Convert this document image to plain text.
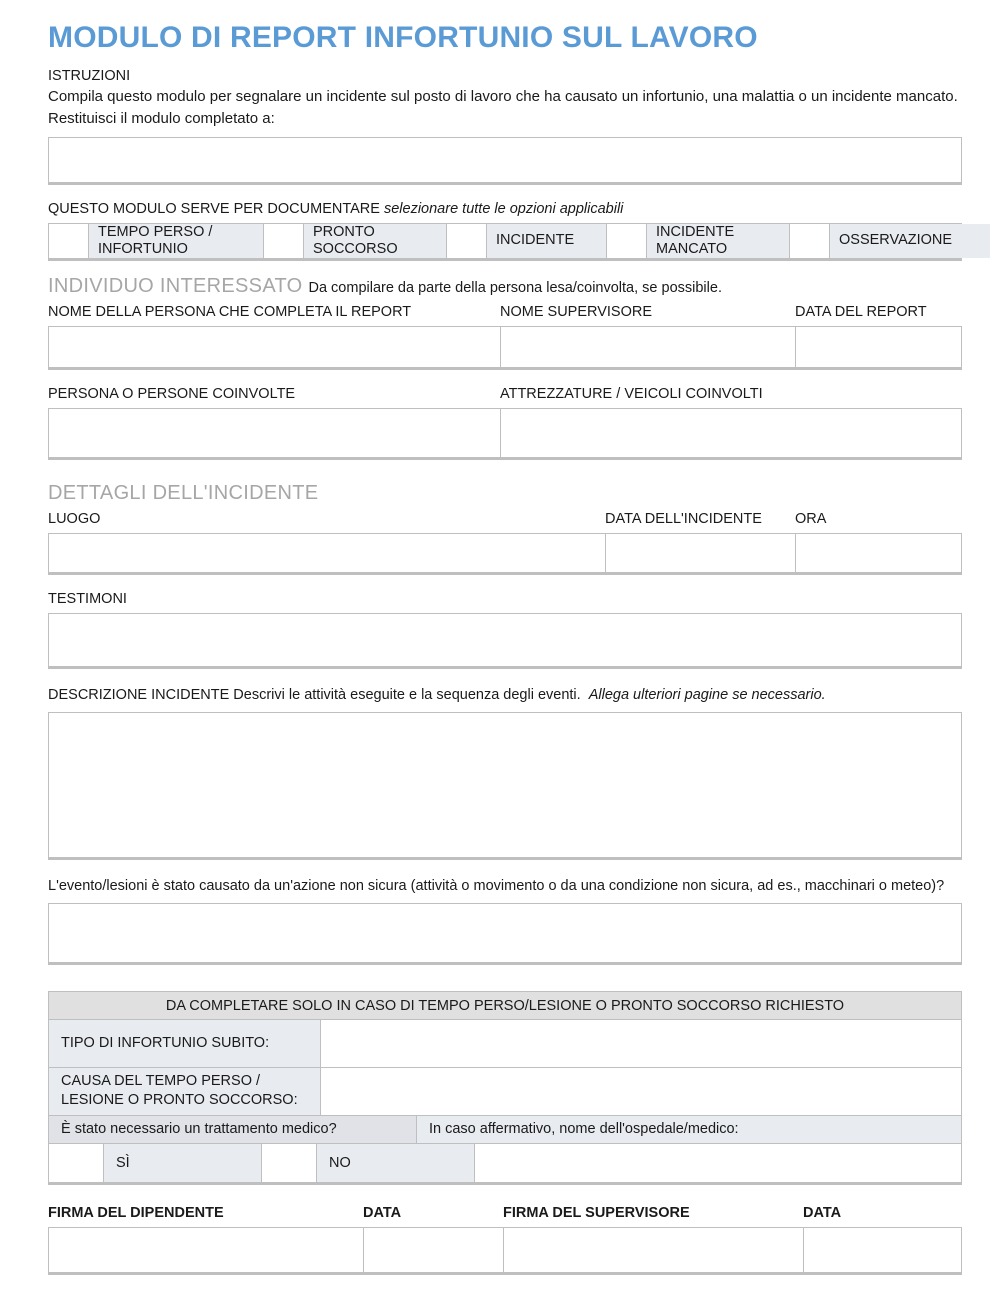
MODULO DI REPORT INFORTUNIO SUL LAVORO
ISTRUZIONI
Compila questo modulo per segnalare un incidente sul posto di lavoro che ha causato un infortunio, una malattia o un incidente mancato. Restituisci il modulo completato a:
QUESTO MODULO SERVE PER DOCUMENTARE selezionare tutte le opzioni applicabili
TEMPO PERSO / INFORTUNIO
PRONTO SOCCORSO
INCIDENTE
INCIDENTE MANCATO
OSSERVAZIONE
INDIVIDUO INTERESSATO Da compilare da parte della persona lesa/coinvolta, se possibile.
NOME DELLA PERSONA CHE COMPLETA IL REPORT	NOME SUPERVISORE	DATA DEL REPORT
PERSONA O PERSONE COINVOLTE	ATTREZZATURE / VEICOLI COINVOLTI
DETTAGLI DELL'INCIDENTE
LUOGO	DATA DELL'INCIDENTE	ORA
TESTIMONI
DESCRIZIONE INCIDENTE Descrivi le attività eseguite e la sequenza degli eventi. Allega ulteriori pagine se necessario.
L'evento/lesioni è stato causato da un'azione non sicura (attività o movimento o da una condizione non sicura, ad es., macchinari o meteo)?
DA COMPLETARE SOLO IN CASO DI TEMPO PERSO/LESIONE O PRONTO SOCCORSO RICHIESTO
TIPO DI INFORTUNIO SUBITO:
CAUSA DEL TEMPO PERSO / LESIONE O PRONTO SOCCORSO:
È stato necessario un trattamento medico?	In caso affermativo, nome dell'ospedale/medico:
SÌ	NO
FIRMA DEL DIPENDENTE	DATA	FIRMA DEL SUPERVISORE	DATA
